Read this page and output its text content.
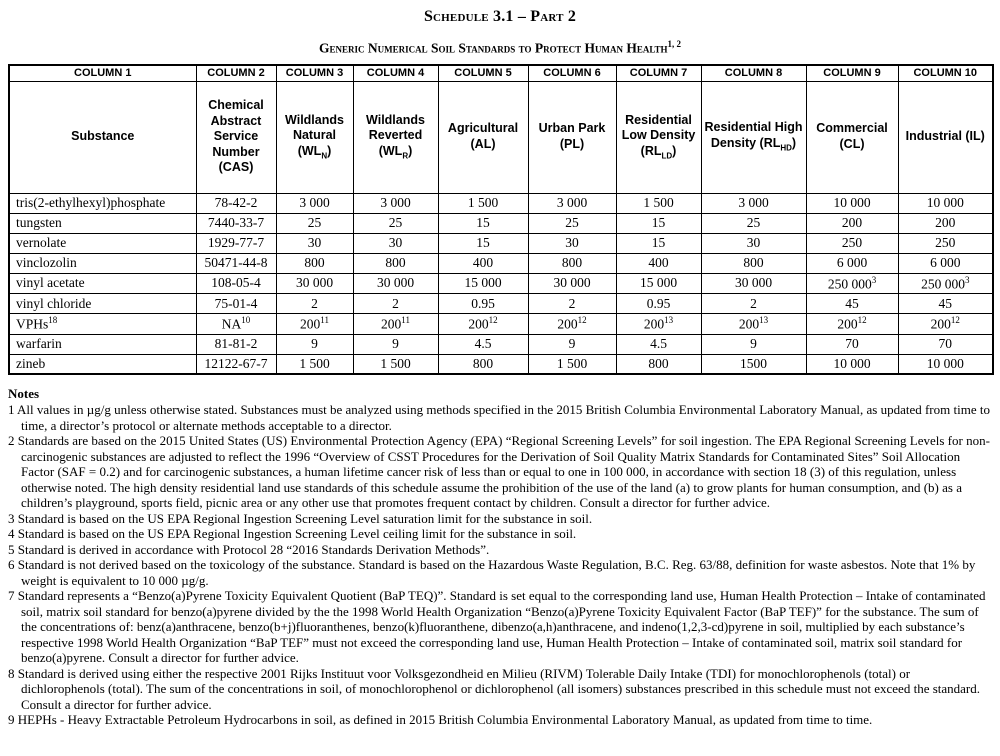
Schedule 3.1 – Part 2
Generic Numerical Soil Standards to Protect Human Health$^{1, 2}$
COLUMN 1	COLUMN 2	COLUMN 3	COLUMN 4	COLUMN 5	COLUMN 6	COLUMN 7	COLUMN 8	COLUMN 9	COLUMN 10
Substance	Chemical Abstract Service Number (CAS)	Wildlands Natural $(WL_N)$	Wildlands Reverted $(WL_R)$	Agricultural (AL)	Urban Park (PL)	Residential Low Density $(RL_{LD})$	Residential High Density $(RL_{HD})$	Commercial (CL)	Industrial (IL)
tris(2-ethylhexyl)phosphate	78-42-2	3 000	3 000	1 500	3 000	1 500	3 000	10 000	10 000
tungsten	7440-33-7	25	25	15	25	15	25	200	200
vernolate	1929-77-7	30	30	15	30	15	30	250	250
vinclozolin	50471-44-8	800	800	400	800	400	800	6 000	6 000
vinyl acetate	108-05-4	30 000	30 000	15 000	30 000	15 000	30 000	250 $000^3$	250 $000^3$
vinyl chloride	75-01-4	2	2	0.95	2	0.95	2	45	45
VPHs$^{18}$	NA$^{10}$	$200^{11}$	$200^{11}$	$200^{12}$	$200^{12}$	$200^{13}$	$200^{13}$	$200^{12}$	$200^{12}$
warfarin	81-81-2	9	9	4.5	9	4.5	9	70	70
zineb	12122-67-7	1 500	1 500	800	1 500	800	1500	10 000	10 000
Notes
1 All values in µg/g unless otherwise stated. Substances must be analyzed using methods specified in the 2015 British Columbia Environmental Laboratory Manual, as updated from time to time, a director’s protocol or alternate methods acceptable to a director.
2 Standards are based on the 2015 United States (US) Environmental Protection Agency (EPA) “Regional Screening Levels” for soil ingestion. The EPA Regional Screening Levels for non-carcinogenic substances are adjusted to reflect the 1996 “Overview of CSST Procedures for the Derivation of Soil Quality Matrix Standards for Contaminated Sites” Soil Allocation Factor (SAF = 0.2) and for carcinogenic substances, a human lifetime cancer risk of less than or equal to one in 100 000, in accordance with section 18 (3) of this regulation, unless otherwise noted. The high density residential land use standards of this schedule assume the prohibition of the use of the land (a) to grow plants for human consumption, and (b) as a children’s playground, sports field, picnic area or any other use that promotes frequent contact by children. Consult a director for further advice.
3 Standard is based on the US EPA Regional Ingestion Screening Level saturation limit for the substance in soil.
4 Standard is based on the US EPA Regional Ingestion Screening Level ceiling limit for the substance in soil.
5 Standard is derived in accordance with Protocol 28 “2016 Standards Derivation Methods”.
6 Standard is not derived based on the toxicology of the substance. Standard is based on the Hazardous Waste Regulation, B.C. Reg. 63/88, definition for waste asbestos. Note that 1% by weight is equivalent to 10 000 µg/g.
7 Standard represents a “Benzo(a)Pyrene Toxicity Equivalent Quotient (BaP TEQ)”. Standard is set equal to the corresponding land use, Human Health Protection – Intake of contaminated soil, matrix soil standard for benzo(a)pyrene divided by the the 1998 World Health Organization “Benzo(a)Pyrene Toxicity Equivalent Factor (BaP TEF)” for the substance. The sum of the concentrations of: benz(a)anthracene, benzo(b+j)fluoranthenes, benzo(k)fluoranthene, dibenzo(a,h)anthracene, and indeno(1,2,3-cd)pyrene in soil, multiplied by each substance’s respective 1998 World Health Organization “BaP TEF” must not exceed the corresponding land use, Human Health Protection – Intake of contaminated soil, matrix soil standard for benzo(a)pyrene. Consult a director for further advice.
8 Standard is derived using either the respective 2001 Rijks Instituut voor Volksgezondheid en Milieu (RIVM) Tolerable Daily Intake (TDI) for monochlorophenols (total) or dichlorophenols (total). The sum of the concentrations in soil, of monochlorophenol or dichlorophenol (all isomers) substances prescribed in this schedule must not exceed the standard. Consult a director for further advice.
9 HEPHs - Heavy Extractable Petroleum Hydrocarbons in soil, as defined in 2015 British Columbia Environmental Laboratory Manual, as updated from time to time.
